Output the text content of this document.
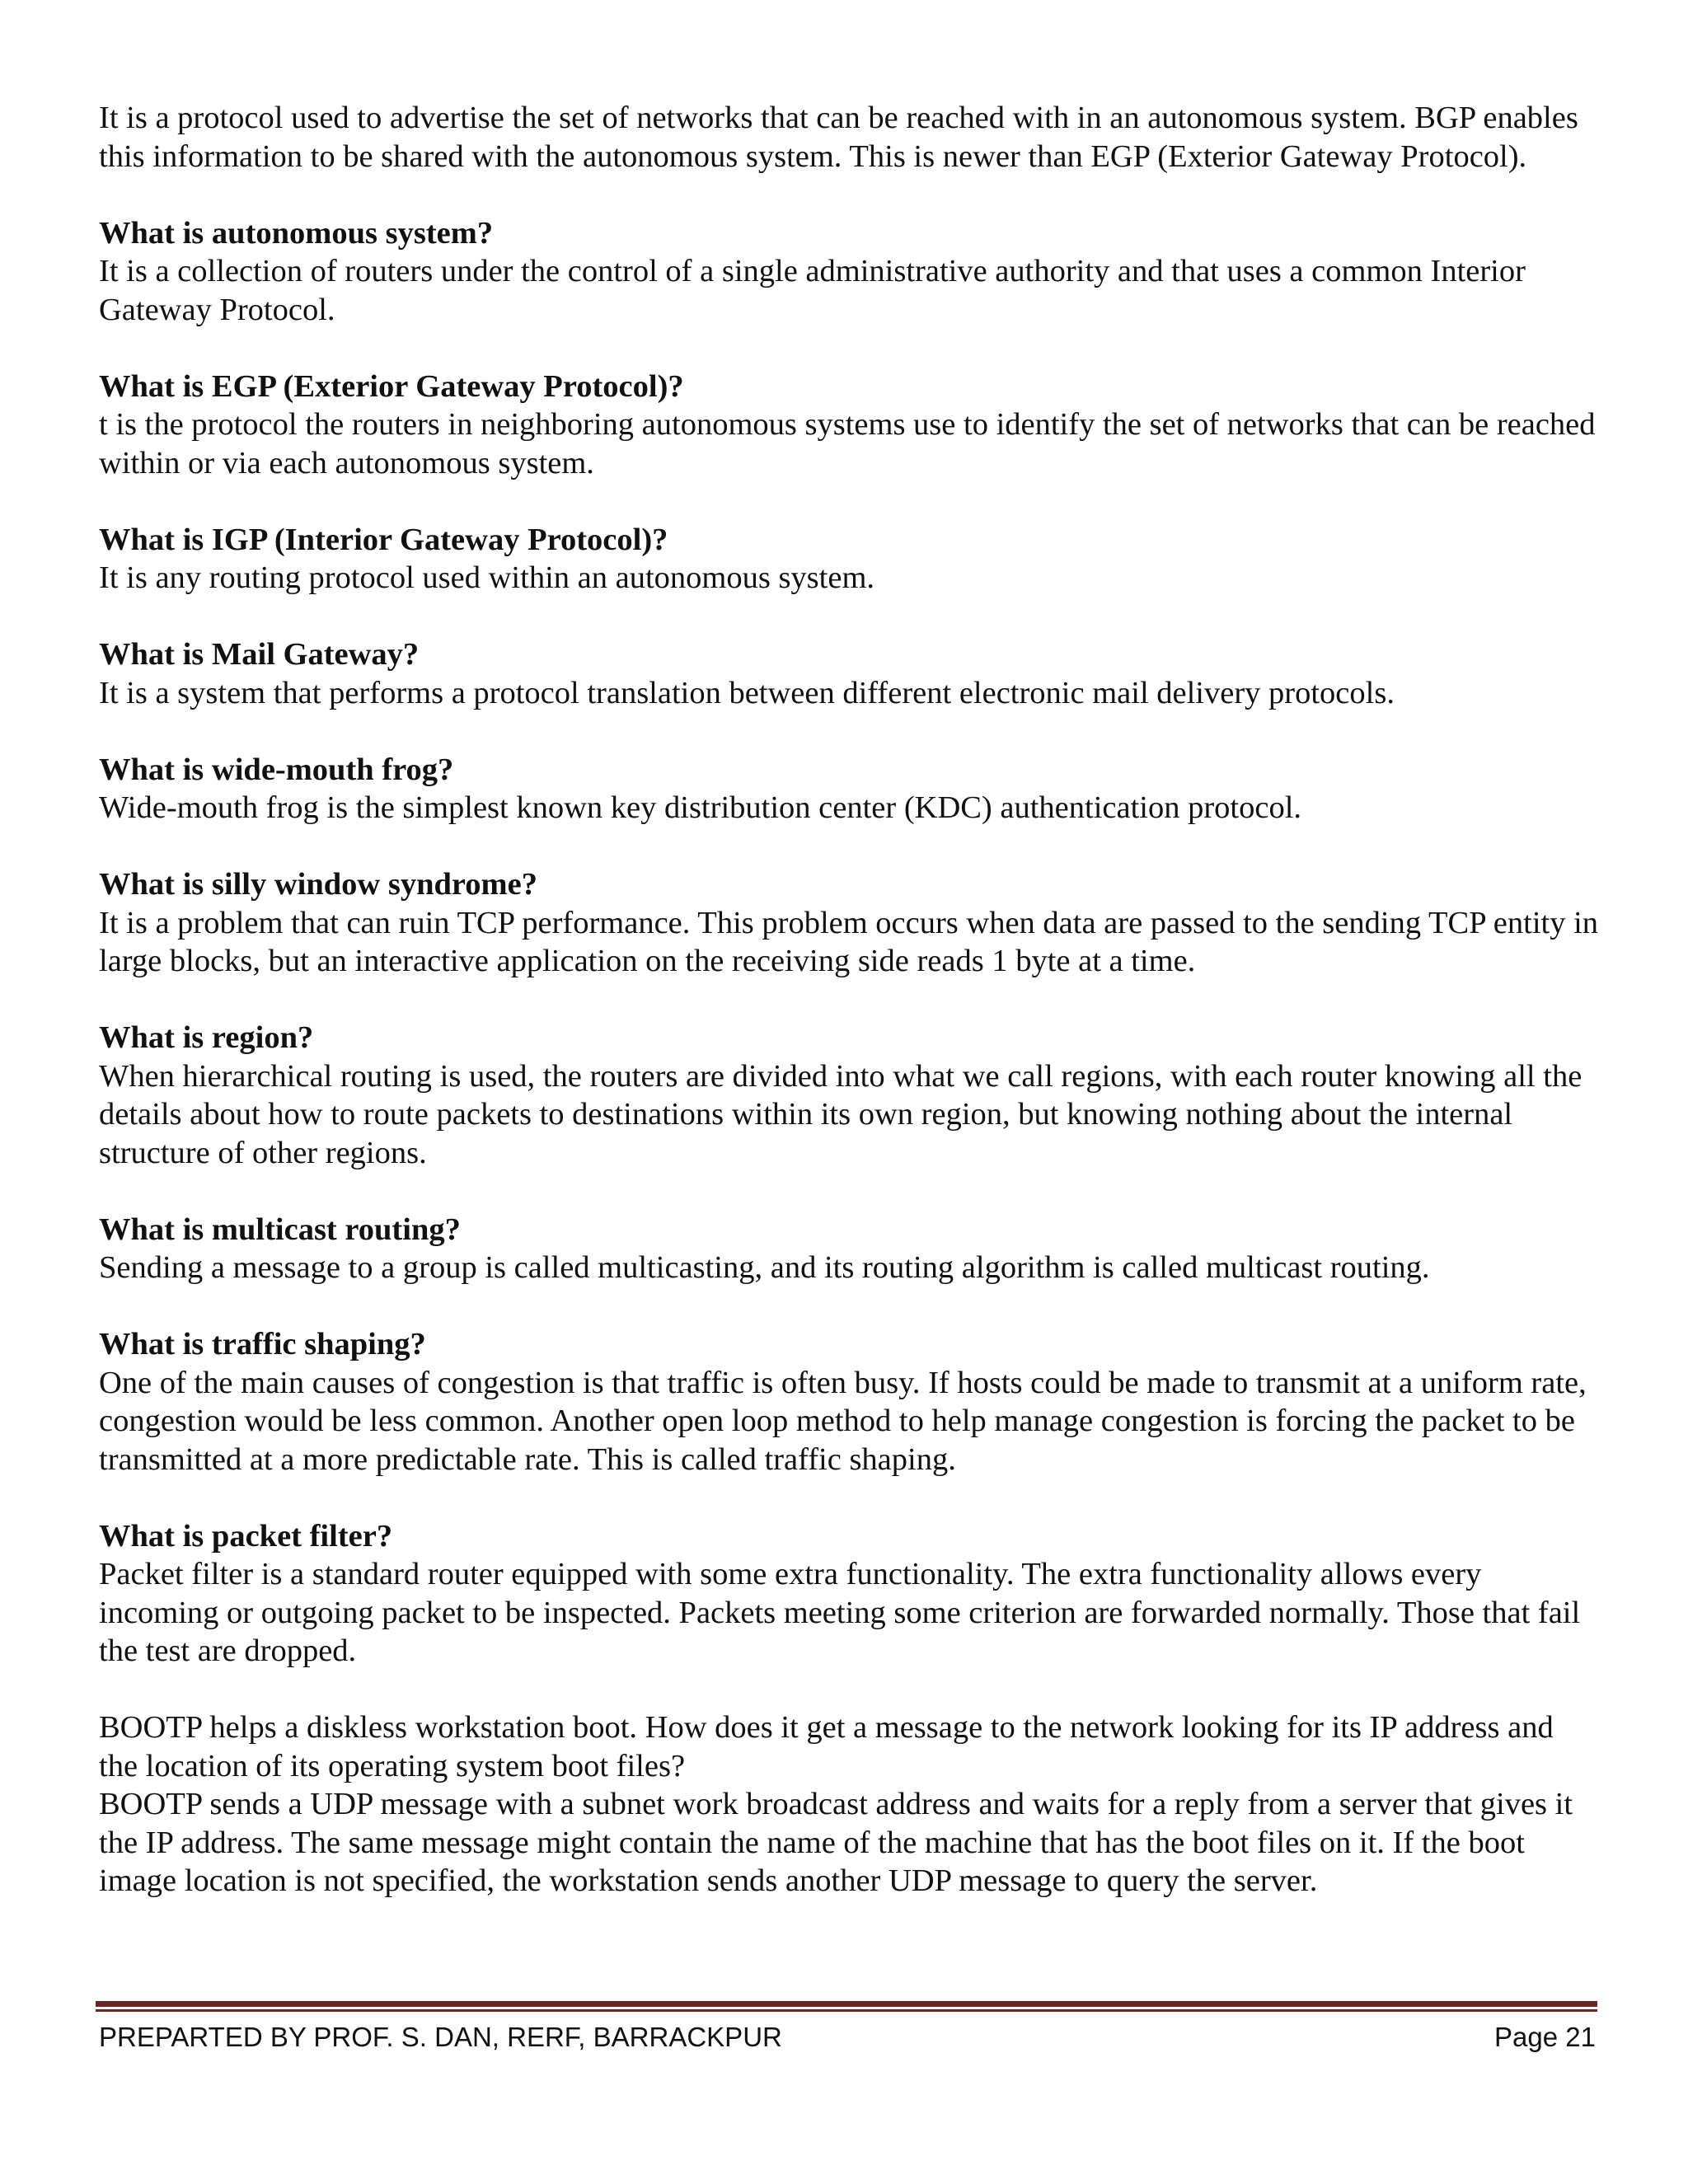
It is a protocol used to advertise the set of networks that can be reached with in an autonomous system. BGP enables this information to be shared with the autonomous system. This is newer than EGP (Exterior Gateway Protocol).

What is autonomous system?
It is a collection of routers under the control of a single administrative authority and that uses a common Interior Gateway Protocol.
What is EGP (Exterior Gateway Protocol)?
t is the protocol the routers in neighboring autonomous systems use to identify the set of networks that can be reached within or via each autonomous system.
What is IGP (Interior Gateway Protocol)?
It is any routing protocol used within an autonomous system.
What is Mail Gateway?
It is a system that performs a protocol translation between different electronic mail delivery protocols.
What is wide-mouth frog?
Wide-mouth frog is the simplest known key distribution center (KDC) authentication protocol.
What is silly window syndrome?
It is a problem that can ruin TCP performance. This problem occurs when data are passed to the sending TCP entity in large blocks, but an interactive application on the receiving side reads 1 byte at a time.
What is region?
When hierarchical routing is used, the routers are divided into what we call regions, with each router knowing all the details about how to route packets to destinations within its own region, but knowing nothing about the internal structure of other regions.
What is multicast routing?
Sending a message to a group is called multicasting, and its routing algorithm is called multicast routing.
What is traffic shaping?
One of the main causes of congestion is that traffic is often busy. If hosts could be made to transmit at a uniform rate, congestion would be less common. Another open loop method to help manage congestion is forcing the packet to be transmitted at a more predictable rate. This is called traffic shaping.
What is packet filter?
Packet filter is a standard router equipped with some extra functionality. The extra functionality allows every incoming or outgoing packet to be inspected. Packets meeting some criterion are forwarded normally. Those that fail the test are dropped.
BOOTP helps a diskless workstation boot. How does it get a message to the network looking for its IP address and the location of its operating system boot files?
BOOTP sends a UDP message with a subnet work broadcast address and waits for a reply from a server that gives it the IP address. The same message might contain the name of the machine that has the boot files on it. If the boot image location is not specified, the workstation sends another UDP message to query the server.
PREPARTED BY PROF. S. DAN, RERF, BARRACKPUR	Page 21
